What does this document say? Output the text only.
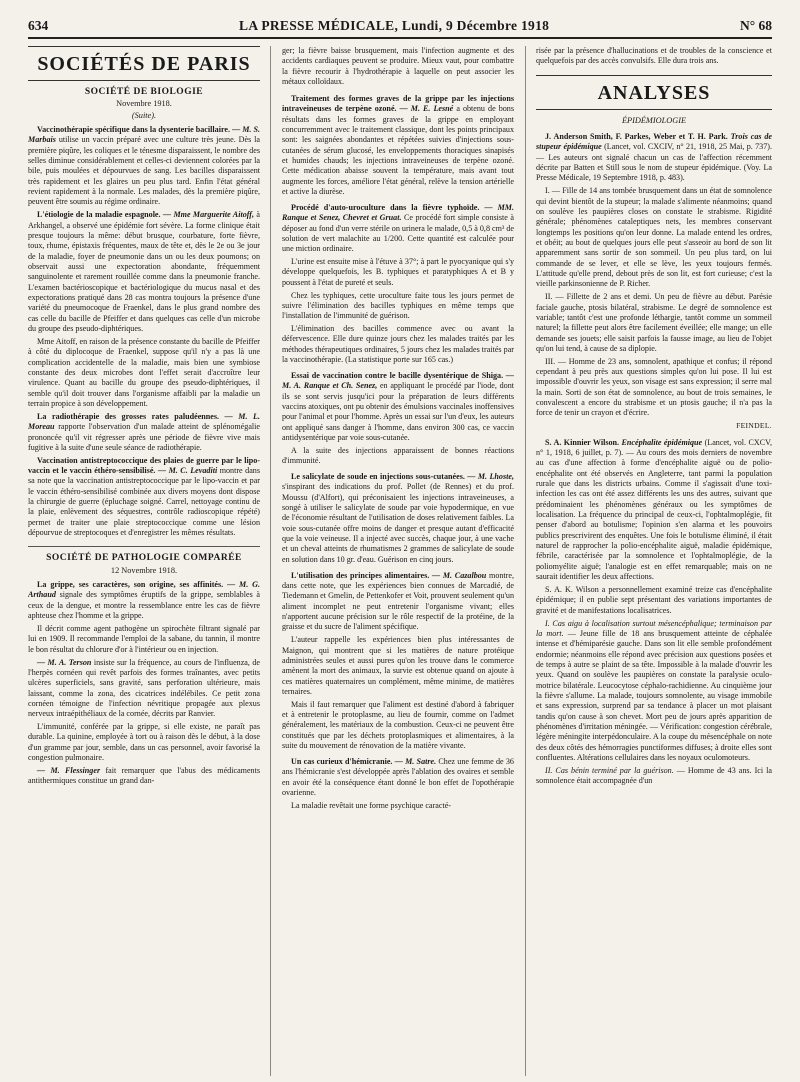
634	LA PRESSE MÉDICALE, Lundi, 9 Décembre 1918	N° 68
SOCIÉTÉS DE PARIS
SOCIÉTÉ DE BIOLOGIE
Novembre 1918.
(Suite).

Vaccinothérapie spécifique dans la dysenterie bacillaire. — M. S. Marbais utilise un vaccin préparé avec une culture très jeune. Dès la première piqûre, les coliques et le ténesme disparaissent, le nombre des selles diminue considérablement et celles-ci deviennent colorées par la bile, puis moulées et dépourvues de sang. Les bacilles disparaissent très rapidement et les glaires un peu plus tard. Enfin l'état général revient rapidement à la normale. Les malades, dès la première piqûre, peuvent être soumis au régime ordinaire.

L'étiologie de la maladie espagnole. — Mme Marguerite Aitoff, à Arkhangel, a observé une épidémie fort sévère. La forme clinique était presque toujours la même: début brusque, courbature, forte fièvre, toux, rhume, épistaxis fréquentes, maux de tête et, dès le 2e ou 3e jour de la maladie, foyer de pneumonie dans un ou les deux poumons; on observait aussi une expectoration abondante, fréquemment sanguinolente et rarement rouillée comme dans la pneumonie franche. L'examen bactérioscopique et bactériologique du mucus nasal et des expectorations pratiqué dans 28 cas montra toujours la présence d'une variété du pneumocoque de Fraenkel, dans le plus grand nombre des cas celle du bacille de Pfeiffer et dans quelques cas celle d'un microbe du groupe des pseudo-diphtériques.

Mme Aitoff, en raison de la présence constante du bacille de Pfeiffer à côté du diplocoque de Fraenkel, suppose qu'il n'y a pas là une complication accidentelle de la maladie, mais bien une symbiose constante des deux microbes dont l'effet serait d'accroître leur virulence. Quant au bacille du groupe des pseudo-diphtériques, il semble qu'il doit trouver dans l'organisme affaibli par la maladie un terrain propice à son développement.

La radiothérapie des grosses rates paludéennes. — M. L. Moreau rapporte l'observation d'un malade atteint de splénomégalie prononcée qu'il vit régresser après une période de fièvre vive mais fugitive à la suite d'une seule séance de radiothérapie.

Vaccination antistreptococcique des plaies de guerre par le lipo-vaccin et le vaccin éthéro-sensibilisé. — M. C. Levaditi montre dans sa note que la vaccination antistreptococcique par le lipo-vaccin et par le vaccin éthéro-sensibilisé combinée aux divers moyens dont dispose la chirurgie de guerre (épluchage soigné. Carrel, nettoyage continu de la plaie, enlèvement des séquestres, contrôle radioscopique répété) permet de traiter une plaie streptococcique comme une lésion dépourvue de streptocoques et d'enregistrer les mêmes résultats.

SOCIÉTÉ DE PATHOLOGIE COMPARÉE
12 Novembre 1918.

La grippe, ses caractères, son origine, ses affinités. — M. G. Arthaud signale des symptômes éruptifs de la grippe, semblables à ceux de la dengue, et montre la ressemblance entre les cas de fièvre aphteuse chez l'homme et la grippe.

Il décrit comme agent pathogène un spirochète filtrant signalé par lui en 1909. Il recommande l'emploi de la sabane, du tannin, il montre le bon résultat du chlorure d'or à l'intérieur ou en injection.

— M. A. Terson insiste sur la fréquence, au cours de l'influenza, de l'herpès cornéen qui revêt parfois des formes traînantes, avec petits ulcères superficiels, sans gravité, sans perforation ultérieure, mais laissant, comme la zona, des cicatrices indélébiles. Ce petit zona cornéen témoigne de l'infection névritique propagée aux plexus nerveux intraépithéliaux de la cornée, décrits par Ranvier.

L'immunité, conférée par la grippe, si elle existe, ne paraît pas durable. La quinine, employée à tort ou à raison dès le début, à la dose d'un gramme par jour, semble, dans un cas personnel, avoir favorisé la congestion pulmonaire.

— M. Flessinger fait remarquer que l'abus des médicaments antithermiques constitue un grand dan-

ger; la fièvre baisse brusquement, mais l'infection augmente et des accidents cardiaques peuvent se produire. Mieux vaut, pour combattre la fièvre recourir à l'hydrothérapie à laquelle on peut associer les métaux colloïdaux.

Traitement des formes graves de la grippe par les injections intraveineuses de terpène ozoné. — M. E. Lesné a obtenu de bons résultats dans les formes graves de la grippe en employant concurremment avec le traitement classique, dont les points principaux sont: les saignées abondantes et répétées suivies d'injections sous-cutanées de sérum glucosé, les enveloppements thoraciques sinapisés et humides chauds; les injections intraveineuses de terpène ozoné. Cette médication abaisse souvent la température, mais avant tout augmente les forces, améliore l'état général, relève la tension artérielle et active la diurèse.

Procédé d'auto-uroculture dans la fièvre typhoïde. — MM. Ranque et Senez, Chevret et Gruat. Ce procédé fort simple consiste à déposer au fond d'un verre stérile on urinera le malade, 0,5 à 0,8 cm³ de solution de vert malachite au 1/200. Cette quantité est calculée pour une miction ordinaire.

L'urine est ensuite mise à l'étuve à 37°; à part le pyocyanique qui s'y développe quelquefois, les B. typhiques et paratyphiques A et B y poussent à l'état de pureté et seuls.

Chez les typhiques, cette uroculture faite tous les jours permet de suivre l'élimination des bacilles typhiques en même temps que l'installation de l'immunité de guérison.

L'élimination des bacilles commence avec ou avant la défervescence. Elle dure quinze jours chez les malades traités par les méthodes thérapeutiques ordinaires, 5 jours chez les malades traités par la vaccinothérapie. (La statistique porte sur 165 cas.)

Essai de vaccination contre le bacille dysentérique de Shiga. — M. A. Ranque et Ch. Senez, en appliquant le procédé par l'iode, dont ils se sont servis jusqu'ici pour la préparation de leurs différents vaccins atoxiques, ont pu obtenir des émulsions vaccinales inoffensives pour l'animal et pour l'homme. Après un essai sur l'un d'eux, les auteurs ont appliqué sans danger à l'homme, dans environ 300 cas, ce vaccin antidysentérique par voie sous-cutanée.

A la suite des injections apparaissent de bonnes réactions d'immunité.

Le salicylate de soude en injections sous-cutanées. — M. Lhoste, s'inspirant des indications du prof. Pollet (de Rennes) et du prof. Moussu (d'Alfort), qui préconisaient les injections intraveineuses, a songé à utiliser le salicylate de soude par voie hypodermique, en vue de l'économie résultant de l'utilisation de doses relativement faibles. La voie sous-cutanée offre moins de danger et presque autant d'efficacité que la voie veineuse. Il a injecté avec succès, chaque jour, à une vache et un cheval atteints de rhumatismes 2 grammes de salicylate de soude en solution dans 10 gr. d'eau. Guérison en cinq jours.

L'utilisation des principes alimentaires. — M. Cazalbou montre, dans cette note, que les expériences bien connues de Marcadié, de Tiedemann et Gmelin, de Pettenkofer et Voit, prouvent seulement qu'un aliment incomplet ne peut entretenir l'organisme vivant; elles n'apportent aucune précision sur le rôle respectif de la protéine, de la graisse et du sucre de l'aliment spécifique.

L'auteur rappelle les expériences bien plus intéressantes de Maignon, qui montrent que si les matières de nature protéique administrées seules et aussi pures qu'on les trouve dans le commerce amènent la mort des animaux, la survie est obtenue quand on ajoute à ces matières quaternaires un complément, même minime, de matières ternaires.

Mais il faut remarquer que l'aliment est destiné d'abord à fabriquer et à entretenir le protoplasme, au lieu de fournir, comme on l'admet généralement, les matériaux de la combustion. Ceux-ci ne peuvent être constitués que par les déchets protoplasmiques et alimentaires, à la suite du mouvement de rénovation de la matière vivante.

Un cas curieux d'hémicranie. — M. Satre. Chez une femme de 36 ans l'hémicranie s'est développée après l'ablation des ovaires et semble en avoir été la conséquence étant donné le bon effet de l'opothérapie ovarienne.

La maladie revêtait une forme psychique caracté-

risée par la présence d'hallucinations et de troubles de la conscience et quelquefois par des accès convulsifs. Elle dura trois ans.

ANALYSES
ÉPIDÉMIOLOGIE

J. Anderson Smith, F. Parkes, Weber et T. H. Park. Trois cas de stupeur épidémique (Lancet, vol. CXCIV, n° 21, 1918, 25 Mai, p. 737). — Les auteurs ont signalé chacun un cas de l'affection récemment décrite par Batten et Still sous le nom de stupeur épidémique. (Voy. La Presse Médicale, 19 Septembre 1918, p. 483).

I. — Fille de 14 ans tombée brusquement dans un état de somnolence qui devint bientôt de la stupeur; la malade s'alimente néanmoins; quand on soulève les paupières closes on constate le strabisme. Rigidité générale; phénomènes cataleptiques nets, les membres conservant longtemps les positions qu'on leur donne. La malade entend les ordres, et obéit; au bout de quelques jours elle peut s'asseoir au bord de son lit apparemment sans sortir de son sommeil. Un peu plus tard, on lui commande de se lever, et elle se lève, les yeux toujours fermés. L'attitude qu'elle prend, debout près de son lit, est fort curieuse; c'est la vieille parkinsonienne de P. Richer.

II. — Fillette de 2 ans et demi. Un peu de fièvre au début. Parésie faciale gauche, ptosis bilatéral, strabisme. Le degré de somnolence est variable; tantôt c'est une profonde léthargie, tantôt comme un sommeil naturel; la fillette peut alors être facilement éveillée; elle mange; un elle demande ses jouets; elle saisit parfois la fausse image, au lieu de l'objet qu'on lui tend, à cause de sa diplopie.

III. — Homme de 23 ans, somnolent, apathique et confus; il répond cependant à peu près aux questions simples qu'on lui pose. Il lui est impossible d'ouvrir les yeux, son visage est sans expression; il serre mal la main. Sorti de son état de somnolence, au bout de trois semaines, le convalescent a encore du strabisme et un ptosis gauche; il n'a pas la force de tenir un crayon et d'écrire.

FEINDEL.

S. A. Kinnier Wilson. Encéphalite épidémique (Lancet, vol. CXCV, n° 1, 1918, 6 juillet, p. 7). — Au cours des mois derniers de novembre au cas d'une affection à forme d'encéphalite aiguë ou de polio-encéphalite ont été observés en Angleterre, tant parmi la population rurale que dans les districts urbains. Comme il s'agissait d'une toxi-infection les cas ont été assez différents les uns des autres, suivant que prédominaient les phénomènes généraux ou les symptômes de localisation. La fréquence du principal de ceux-ci, l'ophtalmoplégie, fit penser d'abord au botulisme; l'opinion s'en alarma et les pouvoirs publics prescrivirent des enquêtes. Une fois le botulisme éliminé, il était naturel de rapprocher la polio-encéphalite aiguë, maladie épidémique, fébrile, caractérisée par la somnolence et l'ophtalmoplégie, de la poliomyélite aiguë; l'analogie est en effet remarquable; mais on ne saurait identifier les deux affections.

S. A. K. Wilson a personnellement examiné treize cas d'encéphalite épidémique; il en publie sept présentant des variations importantes de gravité et de manifestations localisatrices.

I. Cas aigu à localisation surtout mésencéphalique; terminaison par la mort. — Jeune fille de 18 ans brusquement atteinte de céphalée intense et d'hémiparésie gauche. Dans son lit elle semble profondément endormie; néanmoins elle répond avec précision aux questions posées et de temps à autre se plaint de sa tête. Impossible à la malade d'ouvrir les yeux. Quand on soulève les paupières on constate la paralysie oculo-motrice bilatérale. Leucocytose céphalo-rachidienne. Au cinquième jour la fièvre s'allume. La malade, toujours somnolente, au visage immobile et sans expression, surprend par sa tendance à placer un mot plaisant tandis qu'on cause à son chevet. Mort peu de jours après apparition de phénomènes d'irritation méningée. — Vérification: congestion cérébrale, légère méningite interpédonculaire. A la coupe du mésencéphale on note des deux côtés des hémorragies punctiformes diffuses; à droite elles sont confluentes. Altérations cellulaires dans les noyaux oculomoteurs.

II. Cas bénin terminé par la guérison. — Homme de 43 ans. Ici la somnolence était accompagnée d'un
